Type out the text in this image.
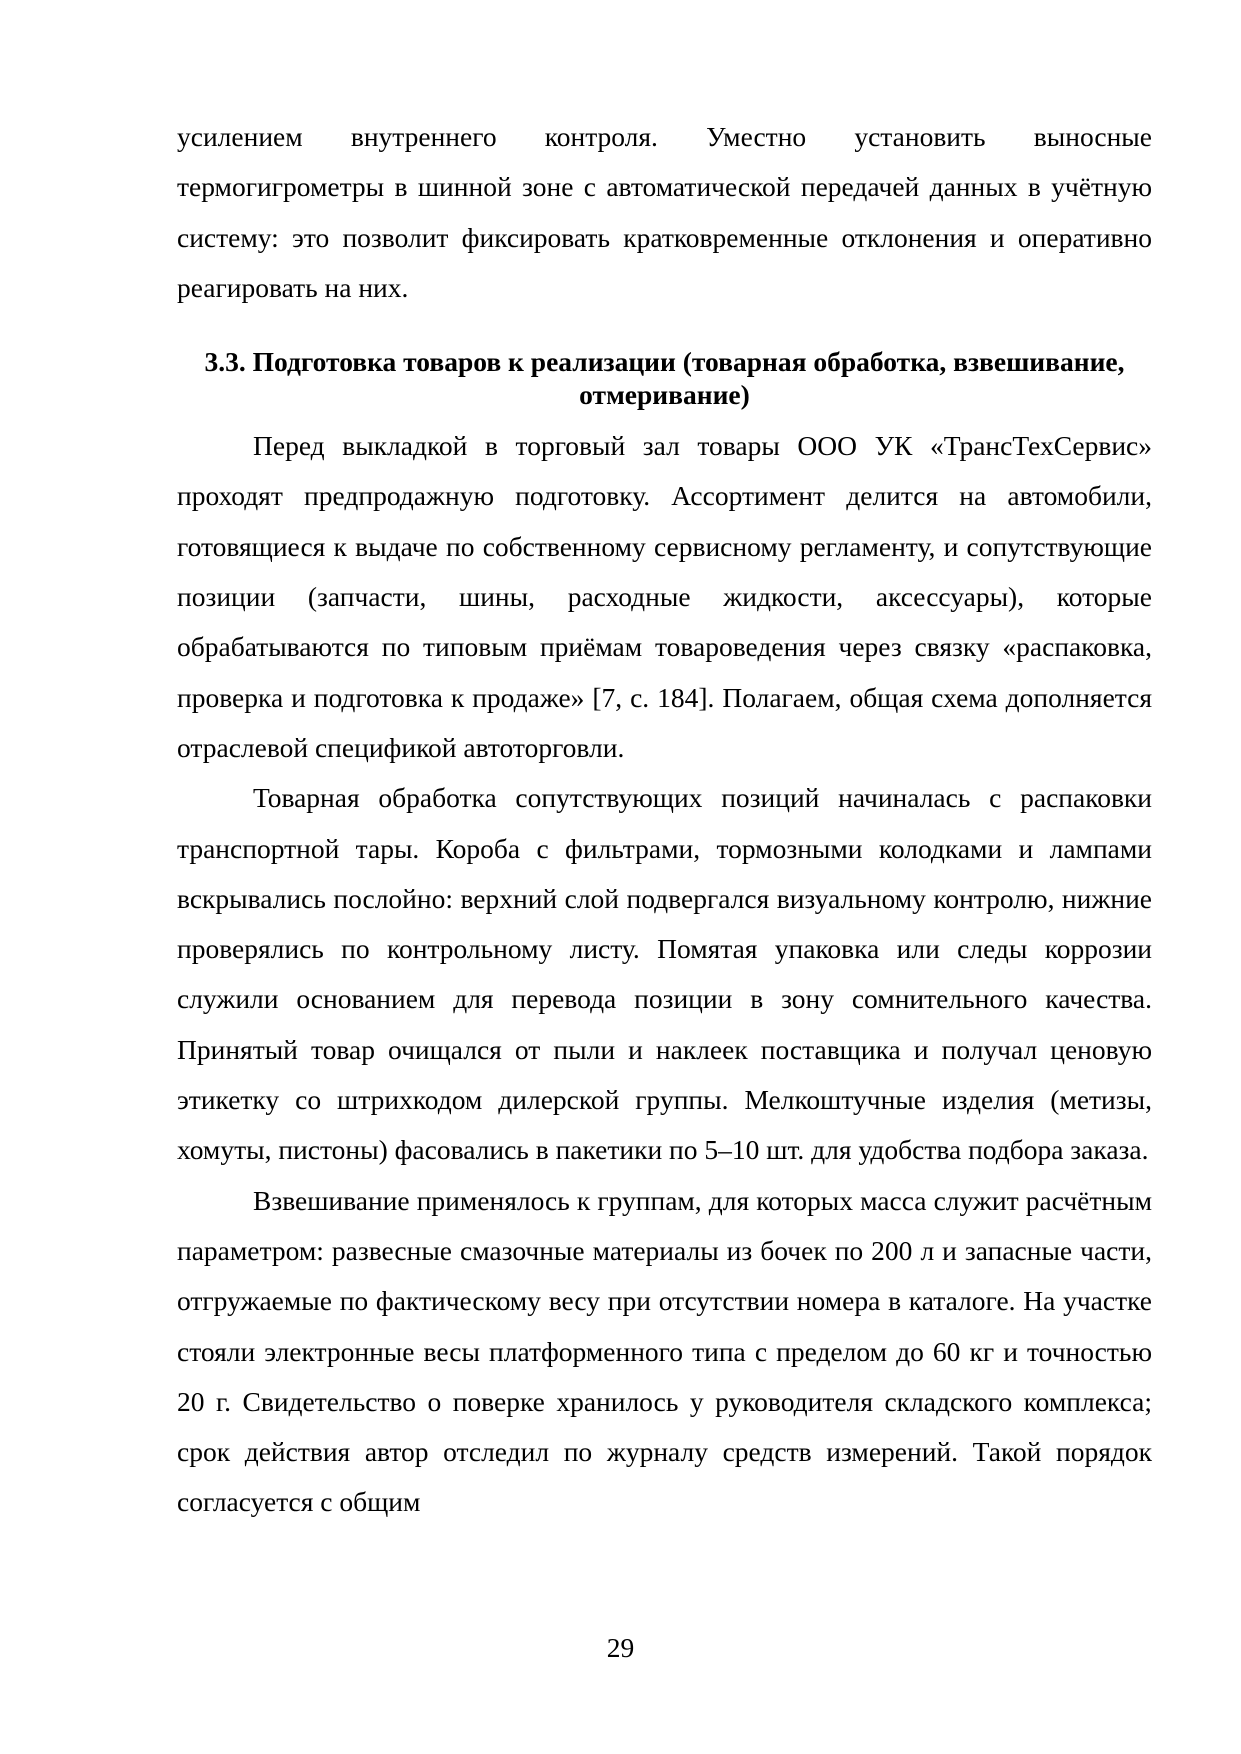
усилением внутреннего контроля. Уместно установить выносные термогигрометры в шинной зоне с автоматической передачей данных в учётную систему: это позволит фиксировать кратковременные отклонения и оперативно реагировать на них.

3.3. Подготовка товаров к реализации (товарная обработка, взвешивание, отмеривание)

Перед выкладкой в торговый зал товары ООО УК «ТрансТехСервис» проходят предпродажную подготовку. Ассортимент делится на автомобили, готовящиеся к выдаче по собственному сервисному регламенту, и сопутствующие позиции (запчасти, шины, расходные жидкости, аксессуары), которые обрабатываются по типовым приёмам товароведения через связку «распаковка, проверка и подготовка к продаже» [7, с. 184]. Полагаем, общая схема дополняется отраслевой спецификой автоторговли.

Товарная обработка сопутствующих позиций начиналась с распаковки транспортной тары. Короба с фильтрами, тормозными колодками и лампами вскрывались послойно: верхний слой подвергался визуальному контролю, нижние проверялись по контрольному листу. Помятая упаковка или следы коррозии служили основанием для перевода позиции в зону сомнительного качества. Принятый товар очищался от пыли и наклеек поставщика и получал ценовую этикетку со штрихкодом дилерской группы. Мелкоштучные изделия (метизы, хомуты, пистоны) фасовались в пакетики по 5–10 шт. для удобства подбора заказа.

Взвешивание применялось к группам, для которых масса служит расчётным параметром: развесные смазочные материалы из бочек по 200 л и запасные части, отгружаемые по фактическому весу при отсутствии номера в каталоге. На участке стояли электронные весы платформенного типа с пределом до 60 кг и точностью 20 г. Свидетельство о поверке хранилось у руководителя складского комплекса; срок действия автор отследил по журналу средств измерений. Такой порядок согласуется с общим

29
